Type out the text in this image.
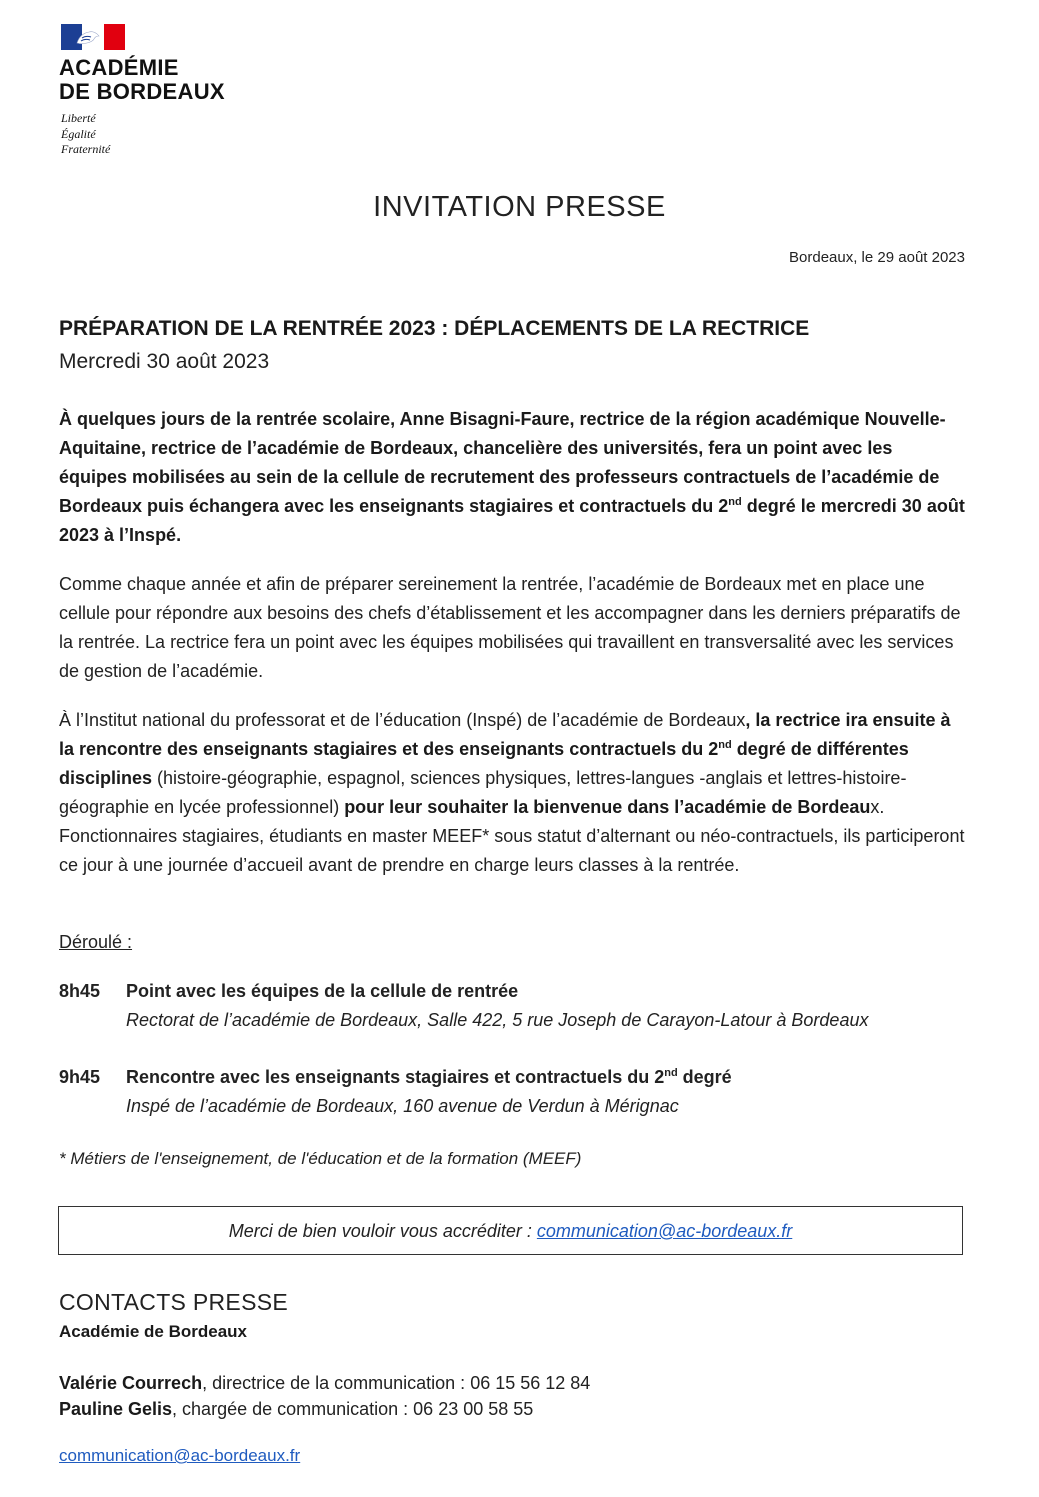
ACADÉMIE
DE BORDEAUX
Liberté
Égalité
Fraternité
INVITATION PRESSE
Bordeaux, le 29 août 2023
PRÉPARATION DE LA RENTRÉE 2023 : DÉPLACEMENTS DE LA RECTRICE
Mercredi 30 août 2023
À quelques jours de la rentrée scolaire, Anne Bisagni-Faure, rectrice de la région académique Nouvelle-Aquitaine, rectrice de l’académie de Bordeaux, chancelière des universités, fera un point avec les équipes mobilisées au sein de la cellule de recrutement des professeurs contractuels de l’académie de Bordeaux puis échangera avec les enseignants stagiaires et contractuels du 2nd degré le mercredi 30 août 2023 à l’Inspé.
Comme chaque année et afin de préparer sereinement la rentrée, l’académie de Bordeaux met en place une cellule pour répondre aux besoins des chefs d’établissement et les accompagner dans les derniers préparatifs de la rentrée. La rectrice fera un point avec les équipes mobilisées qui travaillent en transversalité avec les services de gestion de l’académie.
À l’Institut national du professorat et de l’éducation (Inspé) de l’académie de Bordeaux, la rectrice ira ensuite à la rencontre des enseignants stagiaires et des enseignants contractuels du 2nd degré de différentes disciplines (histoire-géographie, espagnol, sciences physiques, lettres-langues -anglais et lettres-histoire-géographie en lycée professionnel) pour leur souhaiter la bienvenue dans l’académie de Bordeaux. Fonctionnaires stagiaires, étudiants en master MEEF* sous statut d’alternant ou néo-contractuels, ils participeront ce jour à une journée d’accueil avant de prendre en charge leurs classes à la rentrée.
Déroulé :
8h45 Point avec les équipes de la cellule de rentrée
Rectorat de l’académie de Bordeaux, Salle 422, 5 rue Joseph de Carayon-Latour à Bordeaux
9h45 Rencontre avec les enseignants stagiaires et contractuels du 2nd degré
Inspé de l’académie de Bordeaux, 160 avenue de Verdun à Mérignac
* Métiers de l'enseignement, de l'éducation et de la formation (MEEF)
Merci de bien vouloir vous accréditer : communication@ac-bordeaux.fr
CONTACTS PRESSE
Académie de Bordeaux
Valérie Courrech, directrice de la communication : 06 15 56 12 84
Pauline Gelis, chargée de communication : 06 23 00 58 55
communication@ac-bordeaux.fr
